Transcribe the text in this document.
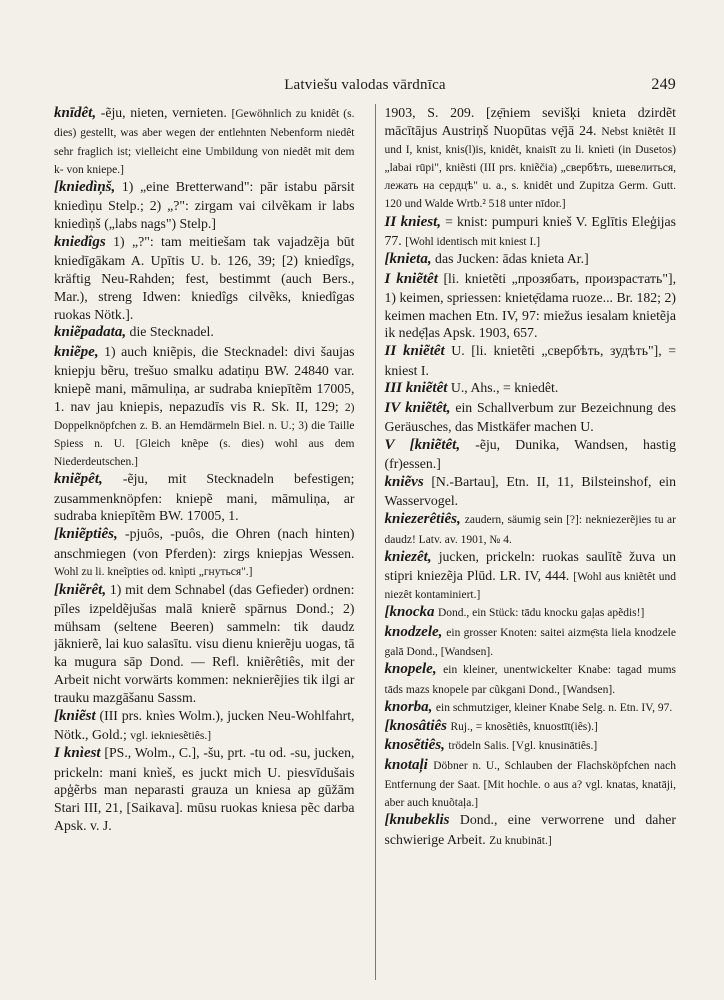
Latviešu valodas vārdnīca	249
knīdêt, -ẽju, nieten, vernieten. [Gewöhnlich zu knidêt (s. dies) gestellt, was aber wegen der entlehnten Nebenform niedêt sehr fraglich ist; vielleicht eine Umbildung von niedêt mit dem k- von kniepe.]
[kniedìņš, 1) „eine Bretterwand": pār istabu pārsit kniedìņu Stelp.; 2) „?": zirgam vai cilvẽkam ir labs kniedìņš („labs nags") Stelp.]
kniedîgs 1) „?": tam meitiešam tak vajadzẽja būt kniedīgākam A. Upītis U. b. 126, 39; [2) kniedîgs, kräftig Neu-Rahden; fest, bestimmt (auch Bers., Mar.), streng Idwen: kniedîgs cilvẽks, kniedîgas ruokas Nötk.].
kniẽpadata, die Stecknadel.
kniẽpe, 1) auch kniẽpis, die Stecknadel: divi šaujas kniepju bẽru, trešuo smalku adatiņu BW. 24840 var. kniepẽ mani, māmuliņa, ar sudraba kniepītẽm 17005, 1. nav jau kniepis, nepazudīs vis R. Sk. II, 129; 2) Doppelknöpfchen z. B. an Hemdärmeln Biel. n. U.; 3) die Taille Spiess n. U. [Gleich knẽpe (s. dies) wohl aus dem Niederdeutschen.]
kniẽpêt, -ẽju, mit Stecknadeln befestigen; zusammenknöpfen: kniepẽ mani, māmuliņa, ar sudraba kniepītẽm BW. 17005, 1.
[kniẽptiês, -pjuôs, -puôs, die Ohren (nach hinten) anschmiegen (von Pferden): zirgs kniepjas Wessen. Wohl zu li. kneĩpties od. knìpti „гнуться".]
[kniẽrêt, 1) mit dem Schnabel (das Gefieder) ordnen: pīles izpeldẽjušas malā knierẽ spārnus Dond.; 2) mühsam (seltene Beeren) sammeln: tik daudz jāknierẽ, lai kuo salasītu. visu dienu knierẽju uogas, tā ka mugura sāp Dond. — Refl. kniẽrêtiês, mit der Arbeit nicht vorwärts kommen: neknierẽjies tik ilgi ar trauku mazgāšanu Sassm.
[kniẽst (III prs. knìes Wolm.), jucken Neu-Wohlfahrt, Nötk., Gold.; vgl. iekniesẽtiês.]
I knìest [PS., Wolm., C.], -šu, prt. -tu od. -su, jucken, prickeln: mani knìeš, es juckt mich U. piesvīdušais apģẽrbs man neparasti grauza un kniesa ap gūžām Stari III, 21, [Saikava]. mūsu ruokas kniesa pẽc darba Apsk. v. J.
1903, S. 209. [zẹ̄niem sevišķi knieta dzirdẽt mācītājus Austriņš Nuopūtas vẹ̄jā 24. Nebst kniẽtêt II und I, knist, knis(l)is, knidêt, knaisīt zu li. knìeti (in Dusetos) „labai rūpi", kniẽsti (III prs. kniẽčia) „свербѣть, шевелиться, лежать на сердцѣ" u. a., s. knidêt und Zupitza Germ. Gutt. 120 und Walde Wrtb.² 518 unter nīdor.]
II kniest, = knist: pumpuri knieš V. Eglītis Eleģijas 77. [Wohl identisch mit kniest I.]
[knieta, das Jucken: ādas knieta Ar.]
I kniẽtêt [li. knietẽti „прозябать, произрастать"], 1) keimen, spriessen: knietẹ̄dama ruoze... Br. 182; 2) keimen machen Etn. IV, 97: miežus iesalam knietẽja ik nedẹ̄ļas Apsk. 1903, 657.
II kniẽtêt U. [li. knietẽti „свербѣть, зудѣть"], = kniest I.
III kniẽtêt U., Ahs., = kniedêt.
IV kniẽtêt, ein Schallverbum zur Bezeichnung des Geräusches, das Mistkäfer machen U.
V [kniẽtêt, -ẽju, Dunika, Wandsen, hastig (fr)essen.]
kniẽvs [N.-Bartau], Etn. II, 11, Bilsteinshof, ein Wasservogel.
kniezerêtiês, zaudern, säumig sein [?]: nekniezerẽjies tu ar daudz! Latv. av. 1901, № 4.
kniezêt, jucken, prickeln: ruokas saulītẽ žuva un stipri kniezẽja Plūd. LR. IV, 444. [Wohl aus kniẽtêt und niezêt kontaminiert.]
[knocka Dond., ein Stück: tādu knocku gaļas apẽdis!]
knodzele, ein grosser Knoten: saitei aizmẹ̄sta liela knodzele galā Dond., [Wandsen].
knopele, ein kleiner, unentwickelter Knabe: tagad mums tāds mazs knopele par cũkgani Dond., [Wandsen].
knorba, ein schmutziger, kleiner Knabe Selg. n. Etn. IV, 97.
[knosâtiês Ruj., = knosẽtiês, knuostīt(iês).]
knosẽtiês, trödeln Salis. [Vgl. knusinātiês.]
knotaļi Döbner n. U., Schlauben der Flachsköpfchen nach Entfernung der Saat. [Mit hochle. o aus a? vgl. knatas, knatāji, aber auch knuõtaļa.]
[knubeklis Dond., eine verworrene und daher schwierige Arbeit. Zu knubināt.]
